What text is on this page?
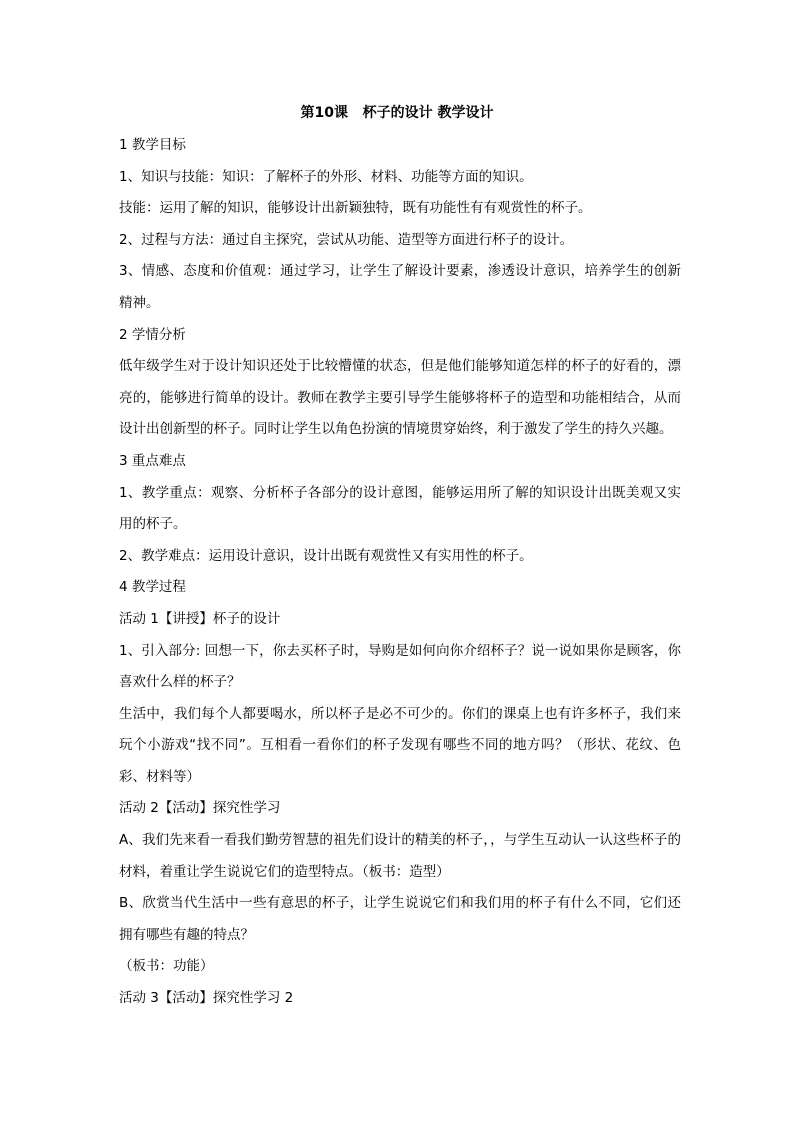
第10课   杯子的设计 教学设计

1 教学目标

1、知识与技能：知识：了解杯子的外形、材料、功能等方面的知识。

技能：运用了解的知识，能够设计出新颖独特，既有功能性有有观赏性的杯子。

2、过程与方法：通过自主探究，尝试从功能、造型等方面进行杯子的设计。

3、情感、态度和价值观：通过学习，让学生了解设计要素，渗透设计意识，培养学生的创新精神。

2 学情分析

低年级学生对于设计知识还处于比较懵懂的状态，但是他们能够知道怎样的杯子的好看的，漂亮的，能够进行简单的设计。教师在教学主要引导学生能够将杯子的造型和功能相结合，从而设计出创新型的杯子。同时让学生以角色扮演的情境贯穿始终，利于激发了学生的持久兴趣。

3 重点难点

1、教学重点：观察、分析杯子各部分的设计意图，能够运用所了解的知识设计出既美观又实用的杯子。

2、教学难点：运用设计意识，设计出既有观赏性又有实用性的杯子。

4 教学过程

活动 1【讲授】杯子的设计

1、引入部分: 回想一下，你去买杯子时，导购是如何向你介绍杯子？说一说如果你是顾客，你喜欢什么样的杯子？

生活中，我们每个人都要喝水，所以杯子是必不可少的。你们的课桌上也有许多杯子，我们来玩个小游戏“找不同”。互相看一看你们的杯子发现有哪些不同的地方吗？（形状、花纹、色彩、材料等）

活动 2【活动】探究性学习

A、我们先来看一看我们勤劳智慧的祖先们设计的精美的杯子，，与学生互动认一认这些杯子的材料，着重让学生说说它们的造型特点。（板书：造型）

B、欣赏当代生活中一些有意思的杯子，让学生说说它们和我们用的杯子有什么不同，它们还拥有哪些有趣的特点？

（板书：功能）

活动 3【活动】探究性学习 2
